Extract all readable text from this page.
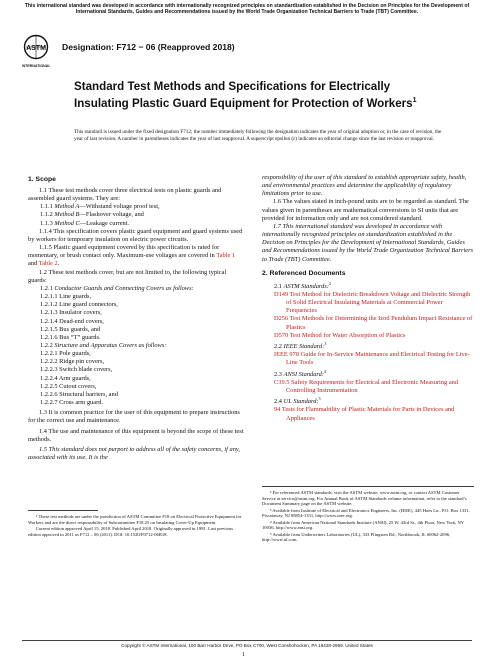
This international standard was developed in accordance with internationally recognized principles on standardization established in the Decision on Principles for the Development of International Standards, Guides and Recommendations issued by the World Trade Organization Technical Barriers to Trade (TBT) Committee.
ASTM
INTERNATIONAL
Designation: F712 − 06 (Reapproved 2018)
Standard Test Methods and Specifications for Electrically Insulating Plastic Guard Equipment for Protection of Workers$^1$
This standard is issued under the fixed designation F712; the number immediately following the designation indicates the year of original adoption or, in the case of revision, the year of last revision. A number in parentheses indicates the year of last reapproval. A superscript epsilon (ε) indicates an editorial change since the last revision or reapproval.
1. Scope

1.1 These test methods cover three electrical tests on plastic guards and assembled guard systems. They are:

1.1.1 Method A—Withstand voltage proof test,

1.1.2 Method B—Flashover voltage, and

1.1.3 Method C—Leakage current.

1.1.4 This specification covers plastic guard equipment and guard systems used by workers for temporary insulation on electric power circuits.

1.1.5 Plastic guard equipment covered by this specification is rated for momentary, or brush contact only. Maximum-use voltages are covered in Table 1 and Table 2.

1.2 These test methods cover, but are not limited to, the following typical guards:

1.2.1 Conductor Guards and Connecting Covers as follows:

1.2.1.1 Line guards,

1.2.1.2 Line guard connectors,

1.2.1.3 Insulator covers,

1.2.1.4 Dead-end covers,

1.2.1.5 Bus guards, and

1.2.1.6 Bus “T” guards.

1.2.2 Structure and Apparatus Covers as follows:

1.2.2.1 Pole guards,

1.2.2.2 Ridge pin covers,

1.2.2.3 Switch blade covers,

1.2.2.4 Arm guards,

1.2.2.5 Cutout covers,

1.2.2.6 Structural barriers, and

1.2.2.7 Cross arm guard.

1.3 It is common practice for the user of this equipment to prepare instructions for the correct use and maintenance.

1.4 The use and maintenance of this equipment is beyond the scope of these test methods.

1.5 This standard does not purport to address all of the safety concerns, if any, associated with its use. It is the

responsibility of the user of this standard to establish appropriate safety, health, and environmental practices and determine the applicability of regulatory limitations prior to use.

1.6 The values stated in inch-pound units are to be regarded as standard. The values given in parentheses are mathematical conversions to SI units that are provided for information only and are not considered standard.

1.7 This international standard was developed in accordance with internationally recognized principles on standardization established in the Decision on Principles for the Development of International Standards, Guides and Recommendations issued by the World Trade Organization Technical Barriers to Trade (TBT) Committee.

2. Referenced Documents

2.1 ASTM Standards:$^2$

D149 Test Method for Dielectric Breakdown Voltage and Dielectric Strength of Solid Electrical Insulating Materials at Commercial Power Frequencies

D256 Test Methods for Determining the Izod Pendulum Impact Resistance of Plastics

D570 Test Method for Water Absorption of Plastics

2.2 IEEE Standard:$^3$

IEEE 978 Guide for In-Service Maintenance and Electrical Testing for Live-Line Tools

2.3 ANSI Standard:$^4$

C39.5 Safety Requirements for Electrical and Electronic Measuring and Controlling Instrumentation

2.4 UL Standard:$^5$

94 Tests for Flammability of Plastic Materials for Parts in Devices and Appliances

¹ These test methods are under the jurisdiction of ASTM Committee F18 on Electrical Protective Equipment for Workers and are the direct responsibility of Subcommittee F18.25 on Insulating Cover-Up Equipment.

Current edition approved April 15, 2018. Published April 2018. Originally approved in 1981. Last previous edition approved in 2011 as F712 – 06 (2011). DOI: 10.1520/F0712-06R18.

² For referenced ASTM standards, visit the ASTM website, www.astm.org, or contact ASTM Customer Service at service@astm.org. For Annual Book of ASTM Standards volume information, refer to the standard’s Document Summary page on the ASTM website.

³ Available from Institute of Electrical and Electronics Engineers, Inc. (IEEE), 445 Hoes Ln., P.O. Box 1331, Piscataway, NJ 08854-1331, http://www.ieee.org.

⁴ Available from American National Standards Institute (ANSI), 25 W. 43rd St., 4th Floor, New York, NY 10036, http://www.ansi.org.

⁵ Available from Underwriters Laboratories (UL), 333 Pfingsten Rd., Northbrook, IL 60062-2096, http://www.ul.com.

Copyright © ASTM International, 100 Barr Harbor Drive, PO Box C700, West Conshohocken, PA 19428-2959. United States
1
